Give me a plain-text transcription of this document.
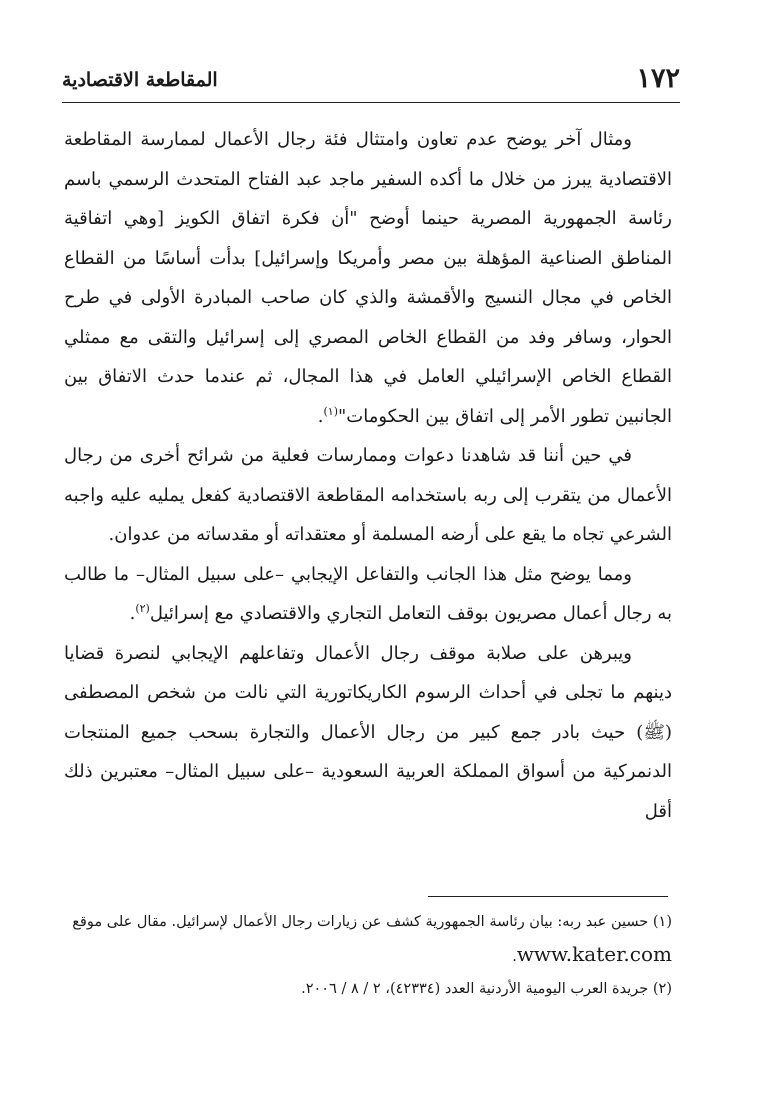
١٧٢
المقاطعة الاقتصادية

ومثال آخر يوضح عدم تعاون وامتثال فئة رجال الأعمال لممارسة المقاطعة الاقتصادية يبرز من خلال ما أكده السفير ماجد عبد الفتاح المتحدث الرسمي باسم رئاسة الجمهورية المصرية حينما أوضح "أن فكرة اتفاق الكويز [وهي اتفاقية المناطق الصناعية المؤهلة بين مصر وأمريكا وإسرائيل] بدأت أساسًا من القطاع الخاص في مجال النسيج والأقمشة والذي كان صاحب المبادرة الأولى في طرح الحوار، وسافر وفد من القطاع الخاص المصري إلى إسرائيل والتقى مع ممثلي القطاع الخاص الإسرائيلي العامل في هذا المجال، ثم عندما حدث الاتفاق بين الجانبين تطور الأمر إلى اتفاق بين الحكومات"$^{(١)}$.

في حين أننا قد شاهدنا دعوات وممارسات فعلية من شرائح أخرى من رجال الأعمال من يتقرب إلى ربه باستخدامه المقاطعة الاقتصادية كفعل يمليه عليه واجبه الشرعي تجاه ما يقع على أرضه المسلمة أو معتقداته أو مقدساته من عدوان.

ومما يوضح مثل هذا الجانب والتفاعل الإيجابي –على سبيل المثال– ما طالب به رجال أعمال مصريون بوقف التعامل التجاري والاقتصادي مع إسرائيل$^{(٢)}$.

ويبرهن على صلابة موقف رجال الأعمال وتفاعلهم الإيجابي لنصرة قضايا دينهم ما تجلى في أحداث الرسوم الكاريكاتورية التي نالت من شخص المصطفى (ﷺ) حيث بادر جمع كبير من رجال الأعمال والتجارة بسحب جميع المنتجات الدنمركية من أسواق المملكة العربية السعودية –على سبيل المثال– معتبرين ذلك أقل

(١) حسين عبد ربه: بيان رئاسة الجمهورية كشف عن زيارات رجال الأعمال لإسرائيل. مقال على موقع www.kater.com.

(٢) جريدة العرب اليومية الأردنية العدد (٤٢٣٣٤)، ٢ / ٨ / ٢٠٠٦.
